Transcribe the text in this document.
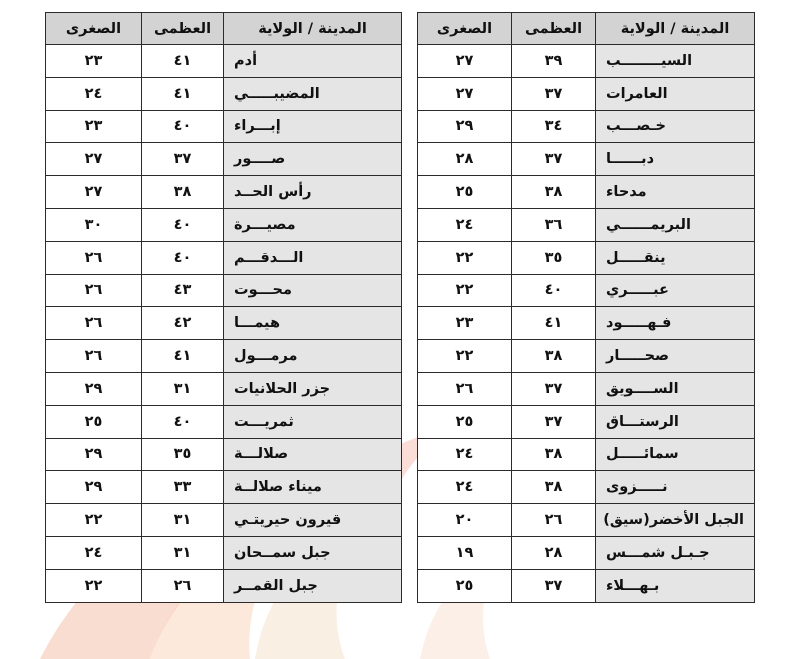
المدينة / الولاية	العظمى	الصغرى
أدم	٤١	٢٣
المضيبـــــي	٤١	٢٤
إبـــراء	٤٠	٢٣
صــــور	٣٧	٢٧
رأس الحــد	٣٨	٢٧
مصيـــرة	٤٠	٣٠
الـــدقـــم	٤٠	٢٦
محـــوت	٤٣	٢٦
هيمـــا	٤٢	٢٦
مرمـــول	٤١	٢٦
جزر الحلانيات	٣١	٢٩
ثمريـــت	٤٠	٢٥
صلالـــة	٣٥	٢٩
ميناء صلالــة	٣٣	٢٩
قيرون حيريتـي	٣١	٢٢
جبل سمــحان	٣١	٢٤
جبل القمــر	٢٦	٢٢
المدينة / الولاية	العظمى	الصغرى
السيــــــــب	٣٩	٢٧
العامرات	٣٧	٢٧
خـصـــب	٣٤	٢٩
دبــــــا	٣٧	٢٨
مدحاء	٣٨	٢٥
البريمــــــي	٣٦	٢٤
ينقـــــل	٣٥	٢٢
عبـــــري	٤٠	٢٢
فـهـــــود	٤١	٢٣
صحـــــار	٣٨	٢٢
الســــويق	٣٧	٢٦
الرستـــاق	٣٧	٢٥
سمائـــــل	٣٨	٢٤
نـــــزوى	٣٨	٢٤
الجبل الأخضر(سيق)	٢٦	٢٠
جـبـل شمـــس	٢٨	١٩
بـهـــلاء	٣٧	٢٥
